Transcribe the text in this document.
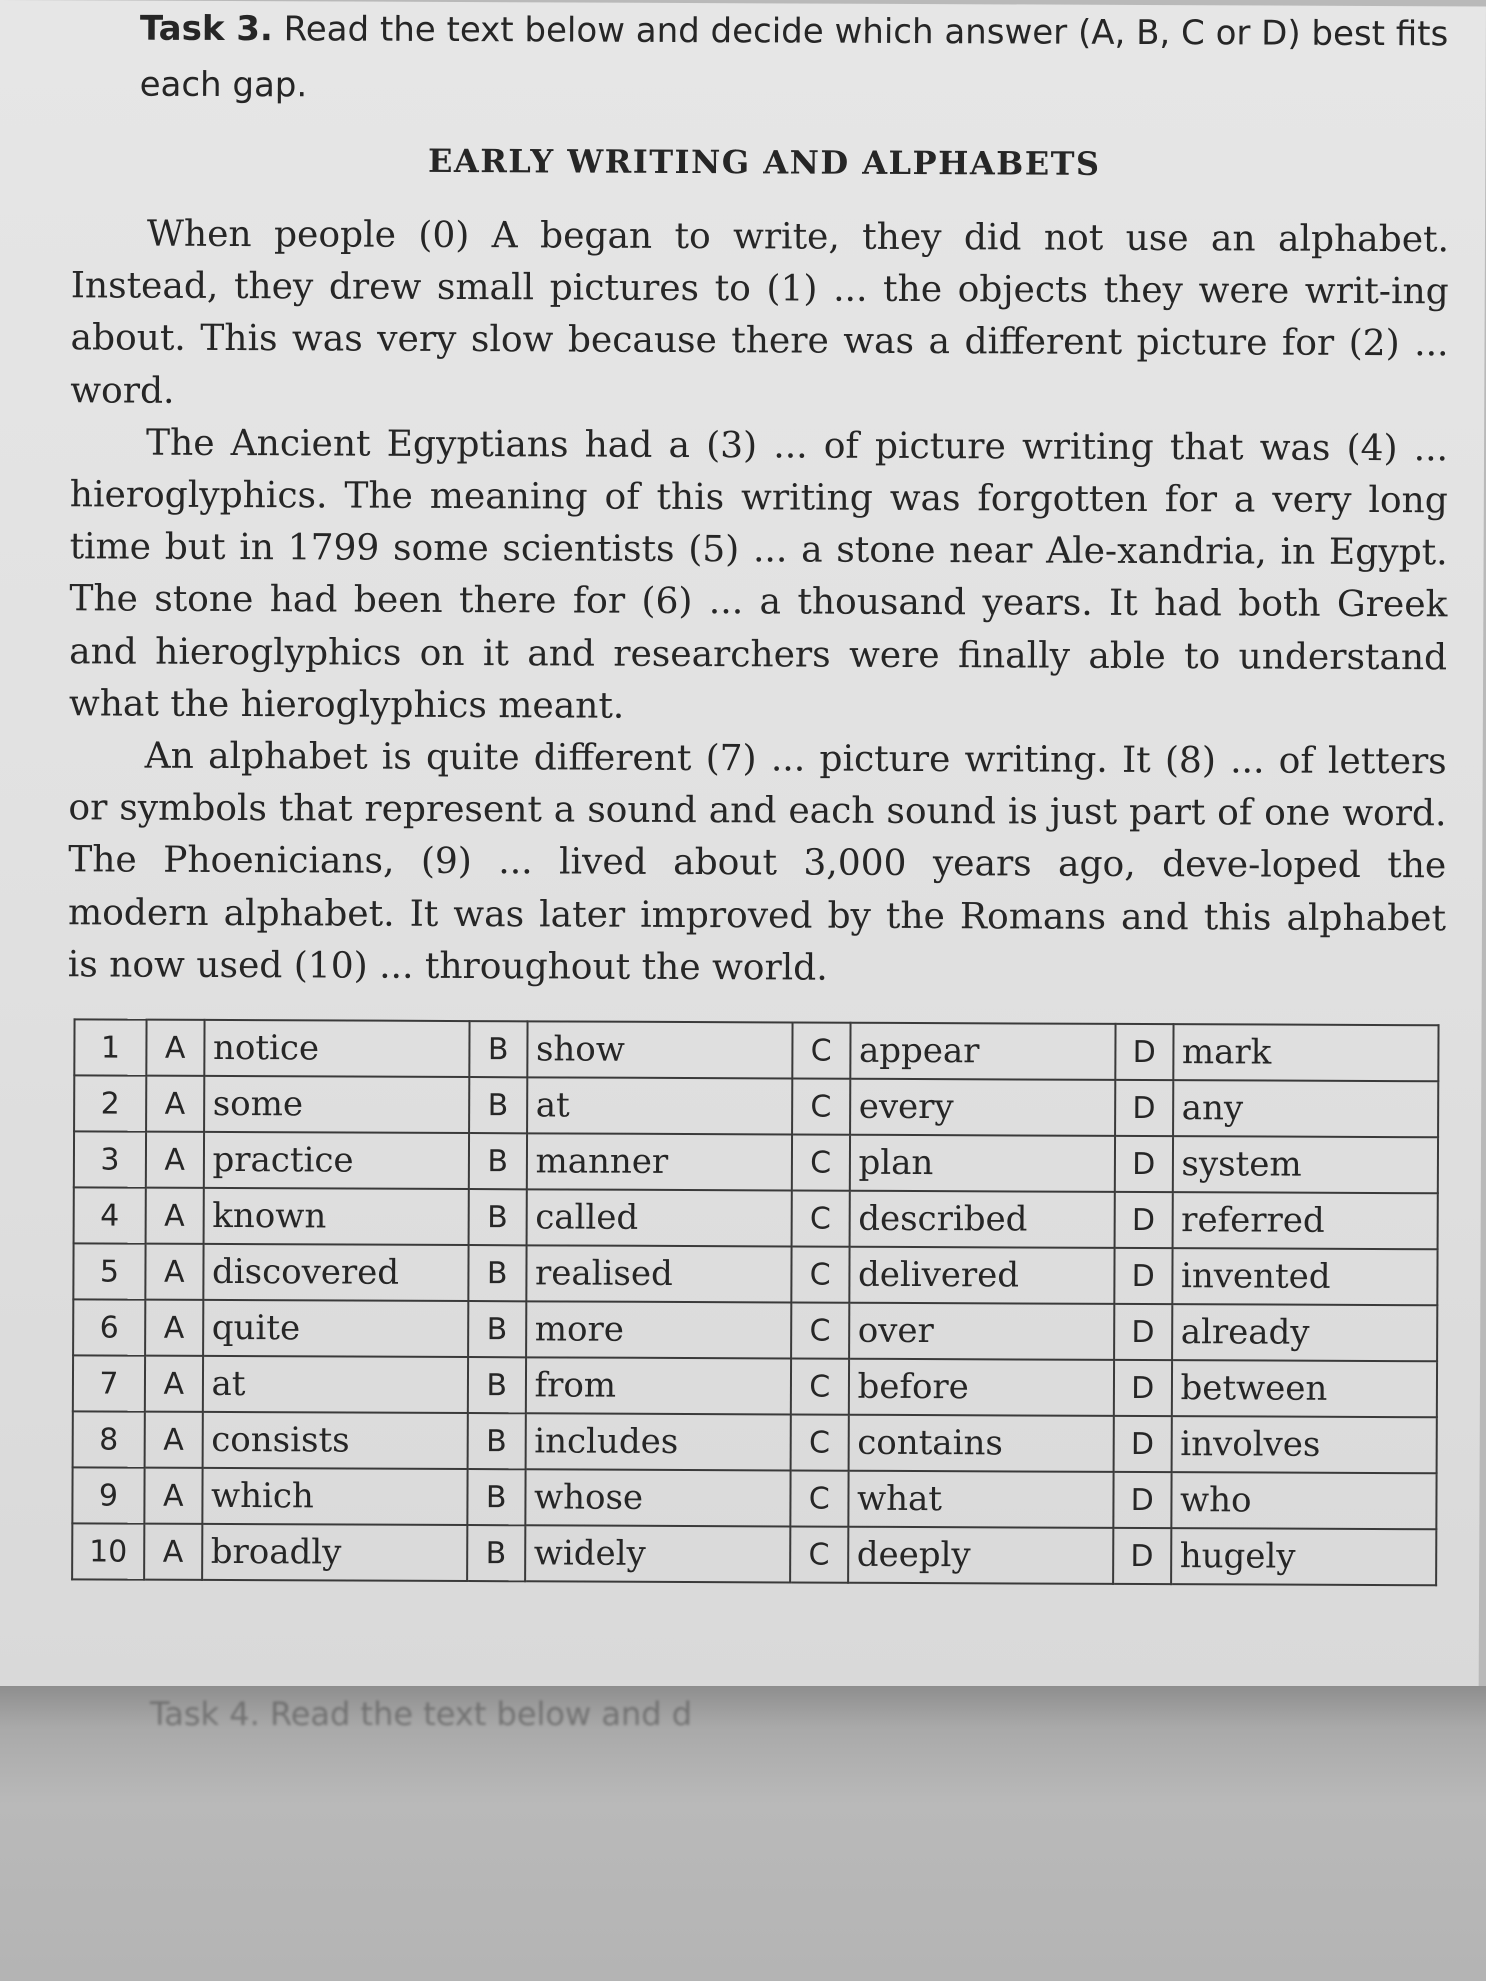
Task 3. Read the text below and decide which answer (A, B, C or D) best fits each gap.
EARLY WRITING AND ALPHABETS

When people (0) A began to write, they did not use an alphabet. Instead, they drew small pictures to (1) ... the objects they were writ-ing about. This was very slow because there was a different picture for (2) ... word.

The Ancient Egyptians had a (3) ... of picture writing that was (4) ... hieroglyphics. The meaning of this writing was forgotten for a very long time but in 1799 some scientists (5) ... a stone near Ale-xandria, in Egypt. The stone had been there for (6) ... a thousand years. It had both Greek and hieroglyphics on it and researchers were finally able to understand what the hieroglyphics meant.

An alphabet is quite different (7) ... picture writing. It (8) ... of letters or symbols that represent a sound and each sound is just part of one word. The Phoenicians, (9) ... lived about 3,000 years ago, deve-loped the modern alphabet. It was later improved by the Romans and this alphabet is now used (10) ... throughout the world.

1	A	notice	B	show	C	appear	D	mark
2	A	some	B	at	C	every	D	any
3	A	practice	B	manner	C	plan	D	system
4	A	known	B	called	C	described	D	referred
5	A	discovered	B	realised	C	delivered	D	invented
6	A	quite	B	more	C	over	D	already
7	A	at	B	from	C	before	D	between
8	A	consists	B	includes	C	contains	D	involves
9	A	which	B	whose	C	what	D	who
10	A	broadly	B	widely	C	deeply	D	hugely
Task 4. Read the text below and d
